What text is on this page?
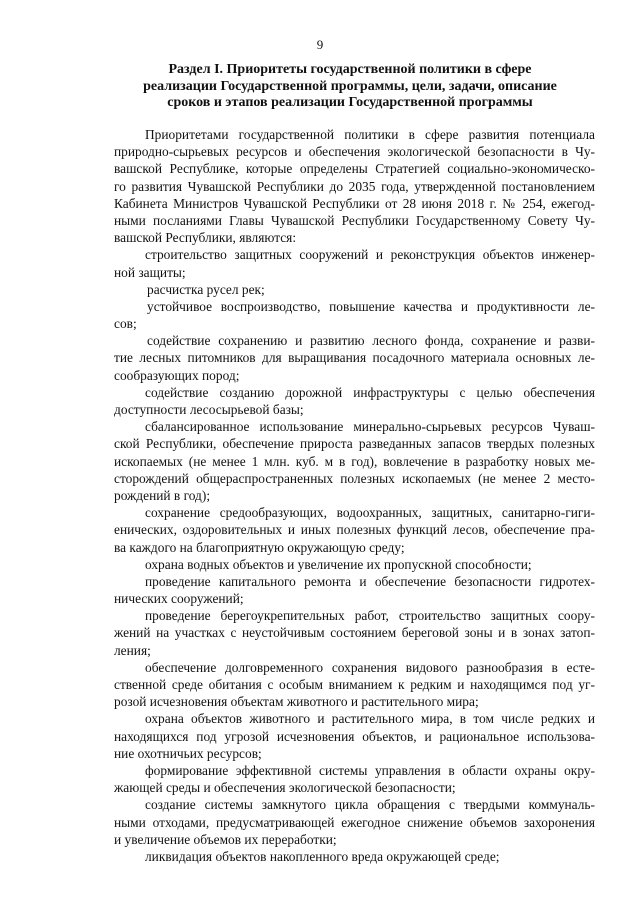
9
Раздел I. Приоритеты государственной политики в сфере
реализации Государственной программы, цели, задачи, описание
сроков и этапов реализации Государственной программы
Приоритетами государственной политики в сфере развития потенциала
природно-сырьевых ресурсов и обеспечения экологической безопасности в Чу-
вашской Республике, которые определены Стратегией социально-экономическо-
го развития Чувашской Республики до 2035 года, утвержденной постановлением
Кабинета Министров Чувашской Республики от 28 июня 2018 г. № 254, ежегод-
ными посланиями Главы Чувашской Республики Государственному Совету Чу-
вашской Республики, являются:
строительство защитных сооружений и реконструкция объектов инженер-
ной защиты;
расчистка русел рек;
устойчивое воспроизводство, повышение качества и продуктивности ле-
сов;
содействие сохранению и развитию лесного фонда, сохранение и разви-
тие лесных питомников для выращивания посадочного материала основных ле-
сообразующих пород;
содействие созданию дорожной инфраструктуры с целью обеспечения
доступности лесосырьевой базы;
сбалансированное использование минерально-сырьевых ресурсов Чуваш-
ской Республики, обеспечение прироста разведанных запасов твердых полезных
ископаемых (не менее 1 млн. куб. м в год), вовлечение в разработку новых ме-
сторождений общераспространенных полезных ископаемых (не менее 2 место-
рождений в год);
сохранение средообразующих, водоохранных, защитных, санитарно-гиги-
енических, оздоровительных и иных полезных функций лесов, обеспечение пра-
ва каждого на благоприятную окружающую среду;
охрана водных объектов и увеличение их пропускной способности;
проведение капитального ремонта и обеспечение безопасности гидротех-
нических сооружений;
проведение берегоукрепительных работ, строительство защитных соору-
жений на участках с неустойчивым состоянием береговой зоны и в зонах затоп-
ления;
обеспечение долговременного сохранения видового разнообразия в есте-
ственной среде обитания с особым вниманием к редким и находящимся под уг-
розой исчезновения объектам животного и растительного мира;
охрана объектов животного и растительного мира, в том числе редких и
находящихся под угрозой исчезновения объектов, и рациональное использова-
ние охотничьих ресурсов;
формирование эффективной системы управления в области охраны окру-
жающей среды и обеспечения экологической безопасности;
создание системы замкнутого цикла обращения с твердыми коммуналь-
ными отходами, предусматривающей ежегодное снижение объемов захоронения
и увеличение объемов их переработки;
ликвидация объектов накопленного вреда окружающей среде;
